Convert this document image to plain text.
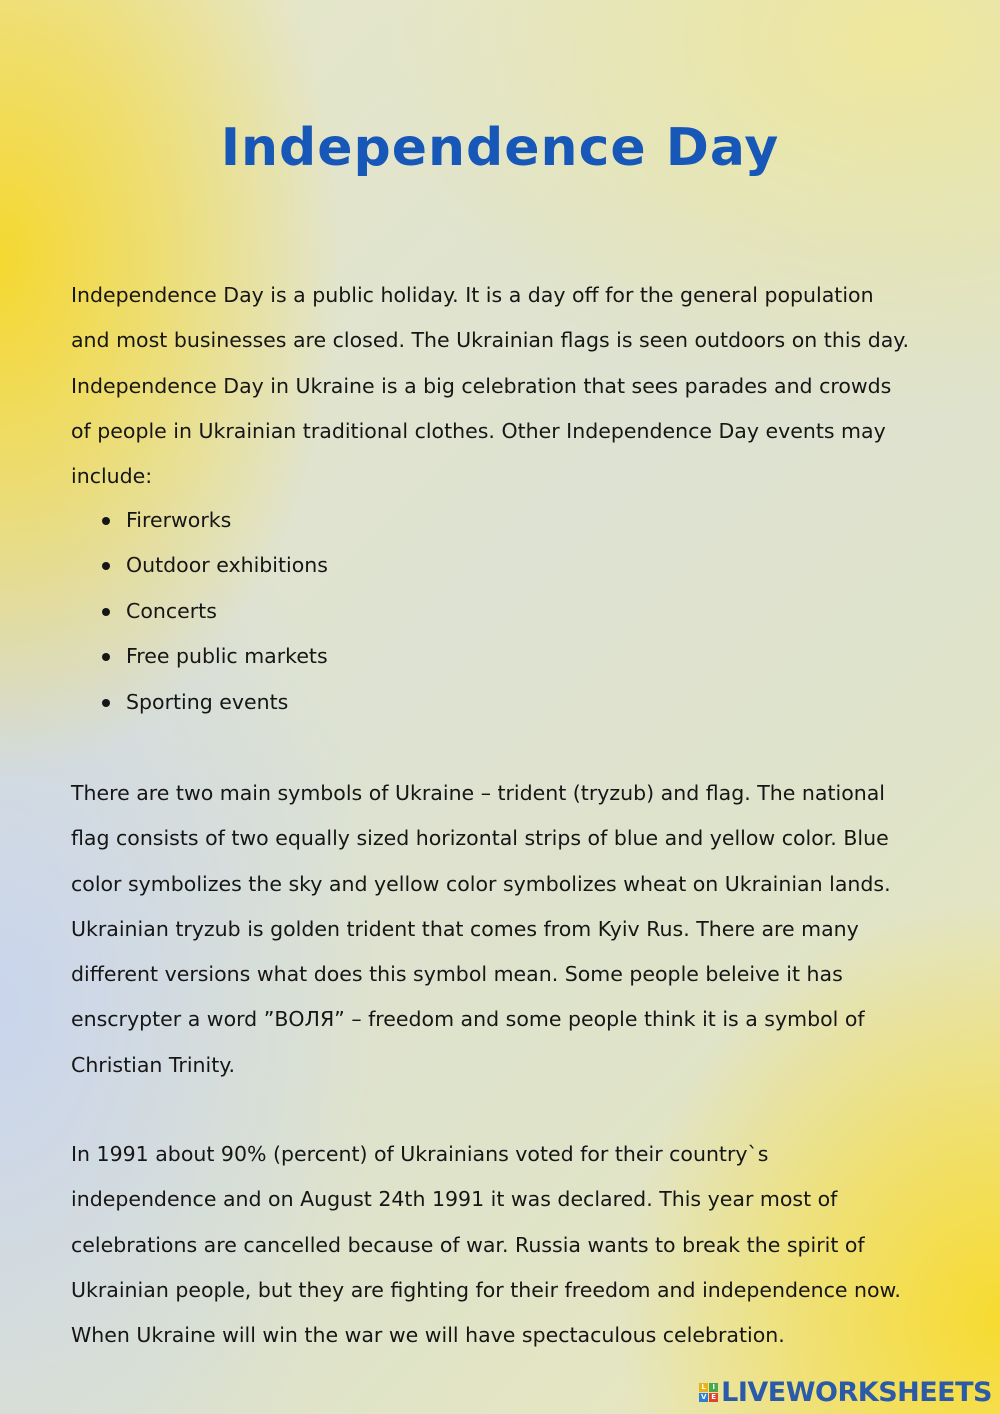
Independence Day

Independence Day is a public holiday. It is a day off for the general population
and most businesses are closed. The Ukrainian flags is seen outdoors on this day.
Independence Day in Ukraine is a big celebration that sees parades and crowds
of people in Ukrainian traditional clothes. Other Independence Day events may
include:

Firerworks
Outdoor exhibitions
Concerts
Free public markets
Sporting events

There are two main symbols of Ukraine – trident (tryzub) and flag. The national
flag consists of two equally sized horizontal strips of blue and yellow color. Blue
color symbolizes the sky and yellow color symbolizes wheat on Ukrainian lands.
Ukrainian tryzub is golden trident that comes from Kyiv Rus. There are many
different versions what does this symbol mean. Some people beleive it has
enscrypter a word ”ВОЛЯ” – freedom and some people think it is a symbol of
Christian Trinity.

In 1991 about 90% (percent) of Ukrainians voted for their country`s
independence and on August 24th 1991 it was declared. This year most of
celebrations are cancelled because of war. Russia wants to break the spirit of
Ukrainian people, but they are fighting for their freedom and independence now.
When Ukraine will win the war we will have spectaculous celebration.

L I
V E LIVEWORKSHEETS
